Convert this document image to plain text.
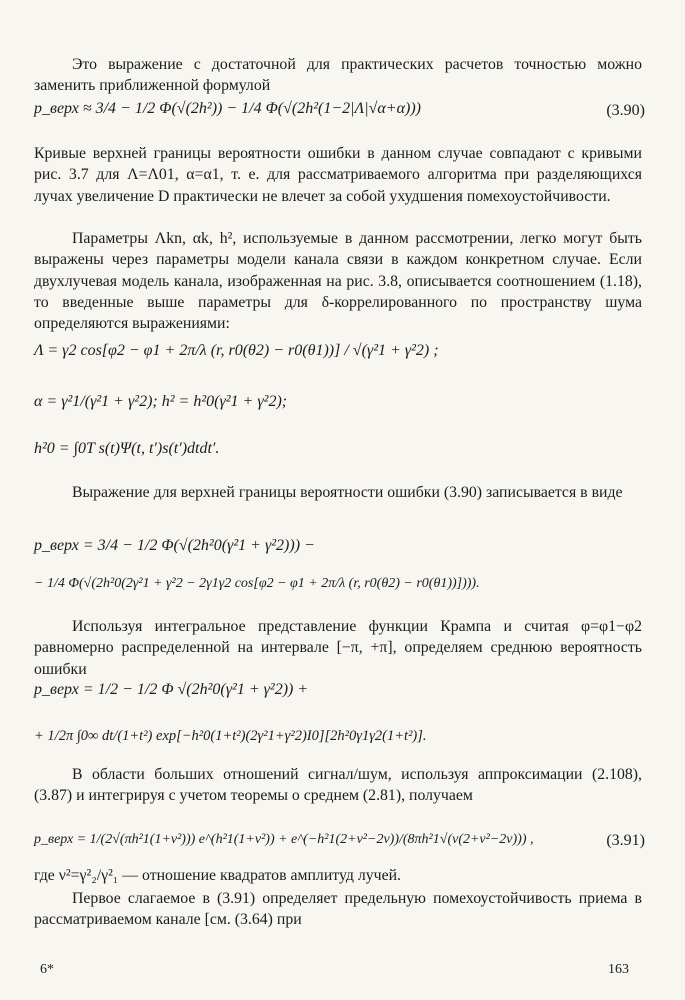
Это выражение с достаточной для практических расчетов точностью можно заменить приближенной формулой

p_верх ≈ 3/4 − 1/2 Φ(√(2h²)) − 1/4 Φ(√(2h²(1−2|Λ|√α+α)))	(3.90)

Кривые верхней границы вероятности ошибки в данном случае совпадают с кривыми рис. 3.7 для Λ=Λ01, α=α1, т. е. для рассматриваемого алгоритма при разделяющихся лучах увеличение D практически не влечет за собой ухудшения помехоустойчивости.

Параметры Λkn, αk, h², используемые в данном рассмотрении, легко могут быть выражены через параметры модели канала связи в каждом конкретном случае. Если двухлучевая модель канала, изображенная на рис. 3.8, описывается соотношением (1.18), то введенные выше параметры для δ-коррелированного по пространству шума определяются выражениями:

Λ = γ2 cos[φ2 − φ1 + 2π/λ (r, r0(θ2) − r0(θ1))] / √(γ²1 + γ²2) ;
α = γ²1/(γ²1 + γ²2); h² = h²0(γ²1 + γ²2);
h²0 = ∫0T s(t)Ψ(t, t′)s(t′)dtdt′.

Выражение для верхней границы вероятности ошибки (3.90) записывается в виде

p_верх = 3/4 − 1/2 Φ(√(2h²0(γ²1 + γ²2))) −
− 1/4 Φ(√(2h²0(2γ²1 + γ²2 − 2γ1γ2 cos[φ2 − φ1 + 2π/λ (r, r0(θ2) − r0(θ1))]))).

Используя интегральное представление функции Крампа и считая φ=φ1−φ2 равномерно распределенной на интервале [−π, +π], определяем среднюю вероятность ошибки

p_верх = 1/2 − 1/2 Φ √(2h²0(γ²1 + γ²2)) +
+ 1/2π ∫0∞ dt/(1+t²) exp[−h²0(1+t²)(2γ²1+γ²2)I0][2h²0γ1γ2(1+t²)].

В области больших отношений сигнал/шум, используя аппроксимации (2.108), (3.87) и интегрируя с учетом теоремы о среднем (2.81), получаем

p_верх = 1/(2√(πh²1(1+ν²))) e^(h²1(1+ν²)) + e^(−h²1(2+ν²−2ν))/(8πh²1√(ν(2+ν²−2ν))) ,	(3.91)

где ν²=γ²₂/γ²₁ — отношение квадратов амплитуд лучей.

Первое слагаемое в (3.91) определяет предельную помехоустойчивость приема в рассматриваемом канале [см. (3.64) при

6*	163
